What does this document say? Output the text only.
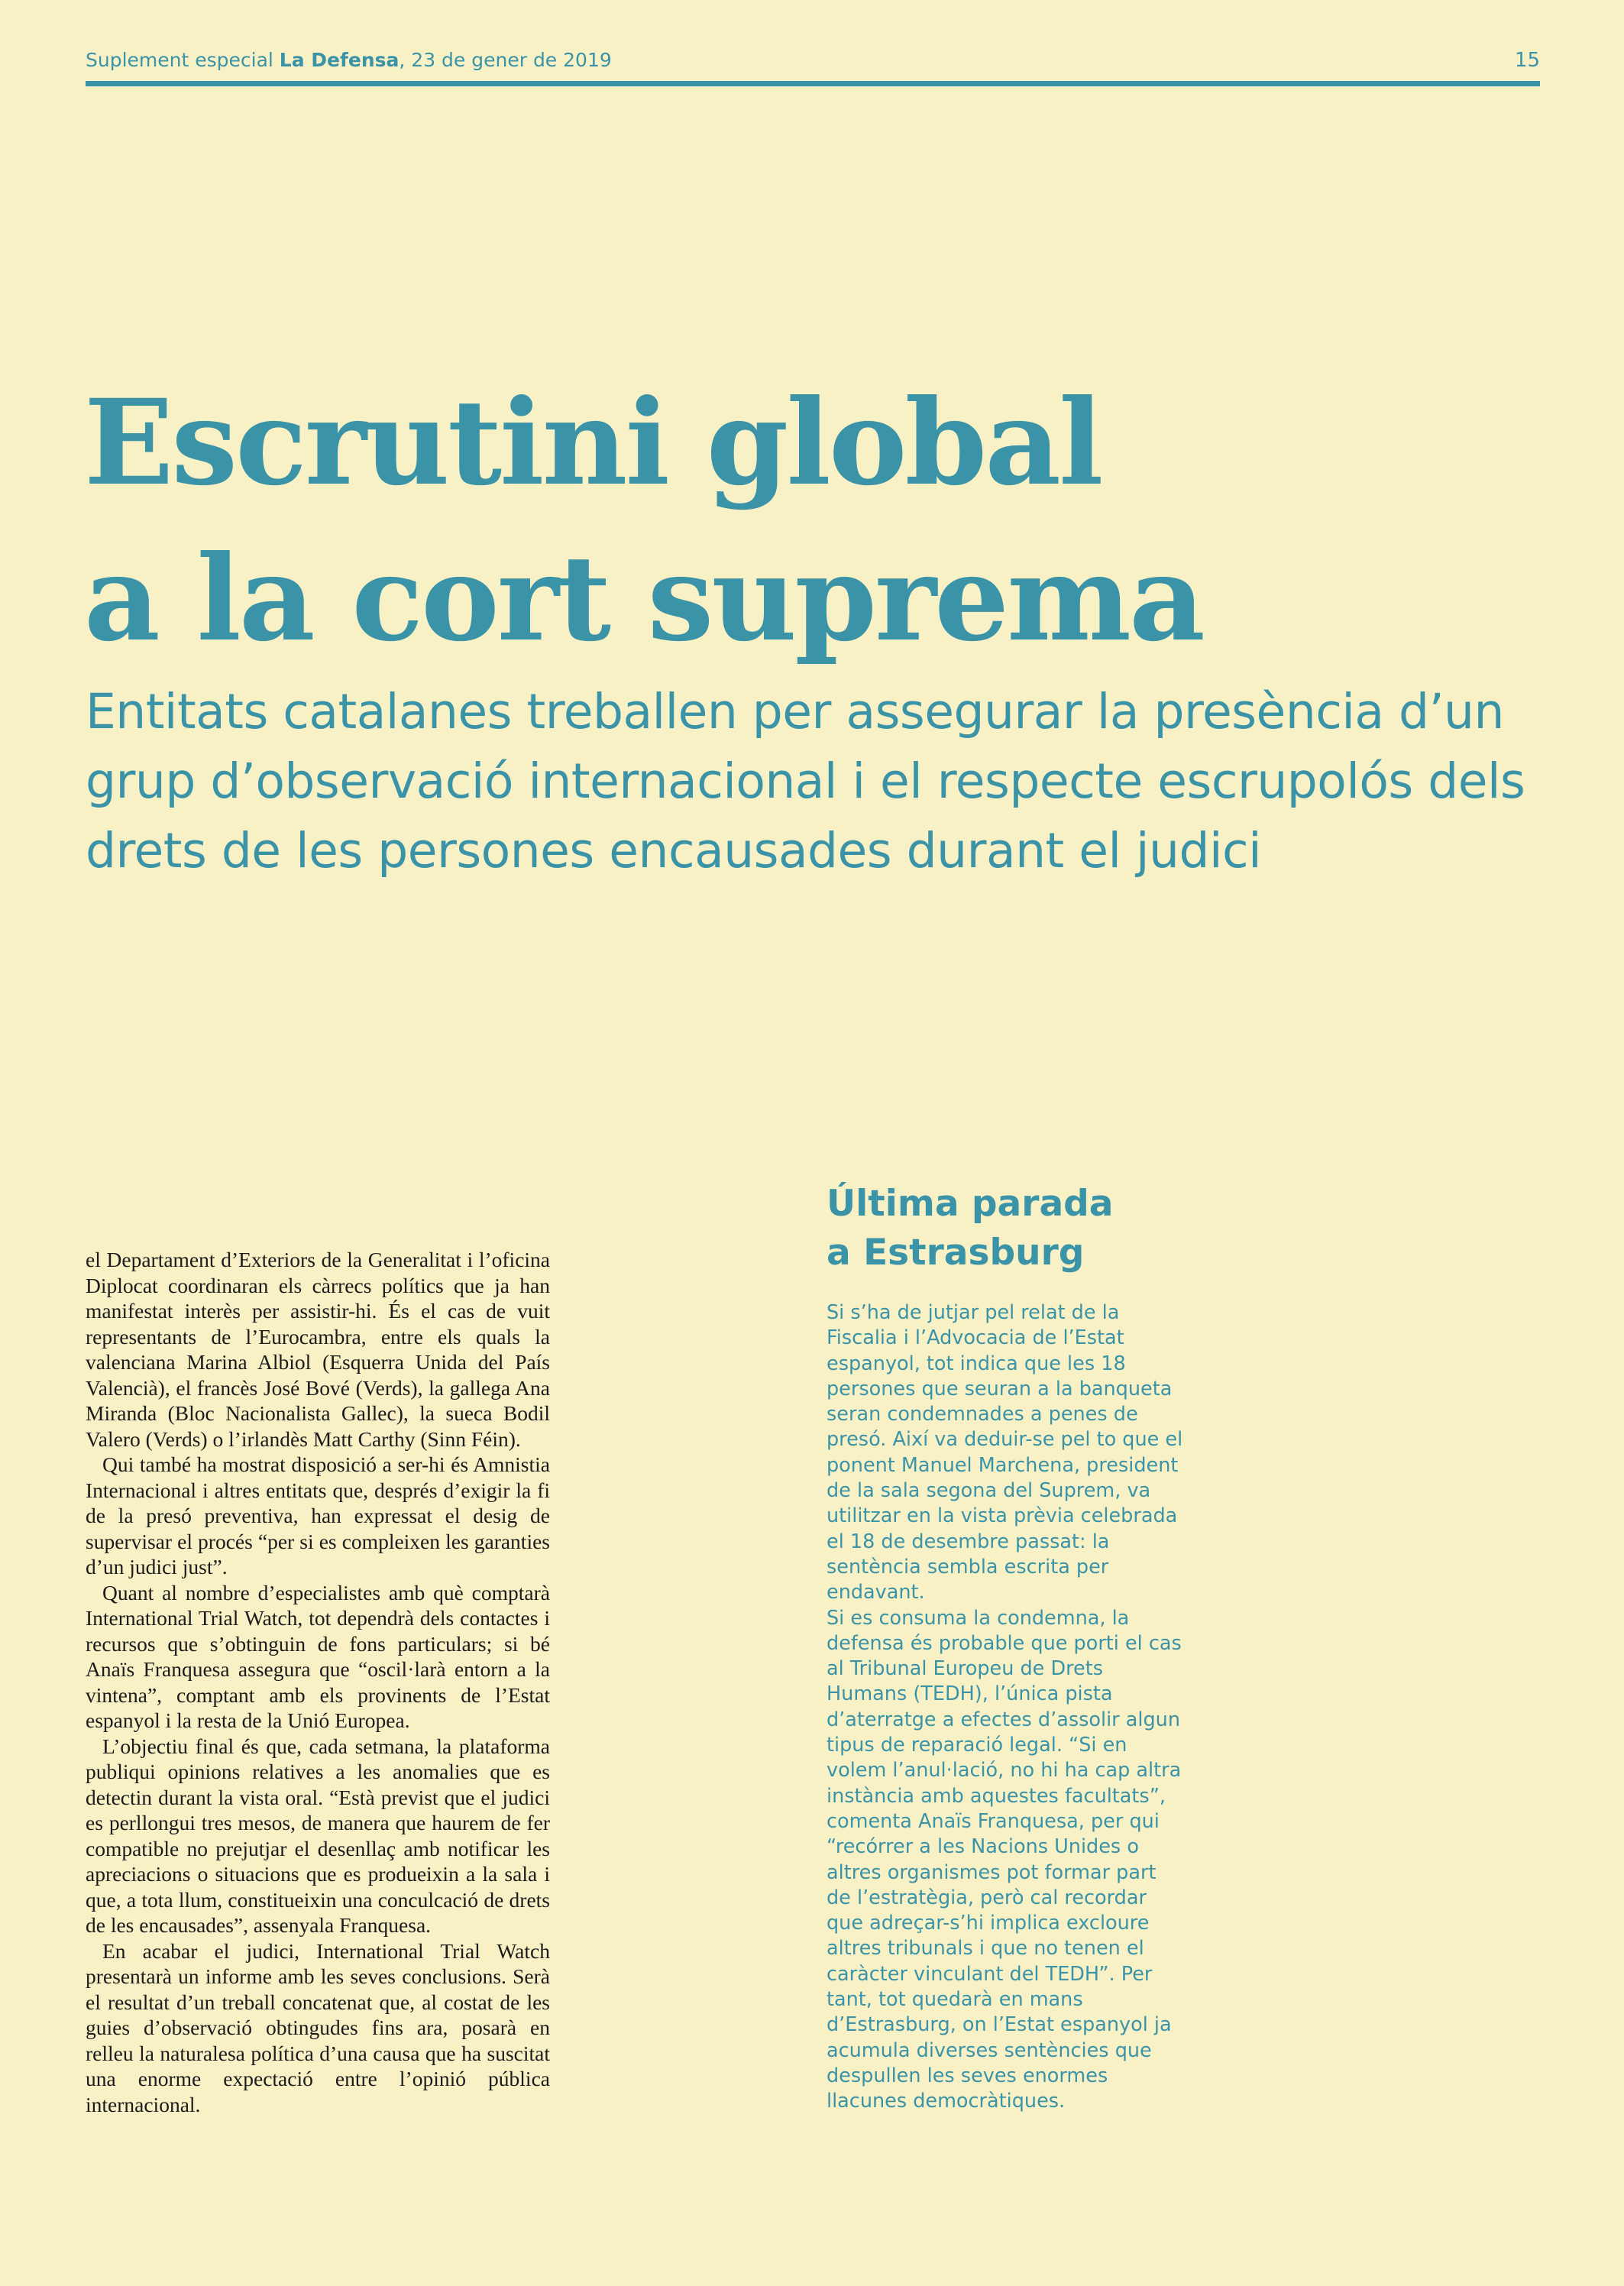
Suplement especial La Defensa, 23 de gener de 2019	15
Escrutini global
a la cort suprema
Entitats catalanes treballen per assegurar la presència d’un grup d’observació internacional i el respecte escrupolós dels drets de les persones encausades durant el judici

el Departament d’Exteriors de la Generalitat i l’oficina Diplocat coordinaran els càrrecs polítics que ja han manifestat interès per assistir-hi. És el cas de vuit representants de l’Eurocambra, entre els quals la valenciana Marina Albiol (Esquerra Unida del País Valencià), el francès José Bové (Verds), la gallega Ana Miranda (Bloc Nacionalista Gallec), la sueca Bodil Valero (Verds) o l’irlandès Matt Carthy (Sinn Féin).

Qui també ha mostrat disposició a ser-hi és Amnistia Internacional i altres entitats que, després d’exigir la fi de la presó preventiva, han expressat el desig de supervisar el procés “per si es compleixen les garanties d’un judici just”.

Quant al nombre d’especialistes amb què comptarà International Trial Watch, tot dependrà dels contactes i recursos que s’obtinguin de fons particulars; si bé Anaïs Franquesa assegura que “oscil·larà entorn a la vintena”, comptant amb els provinents de l’Estat espanyol i la resta de la Unió Europea.

L’objectiu final és que, cada setmana, la plataforma publiqui opinions relatives a les anomalies que es detectin durant la vista oral. “Està previst que el judici es perllongui tres mesos, de manera que haurem de fer compatible no prejutjar el desenllaç amb notificar les apreciacions o situacions que es produeixin a la sala i que, a tota llum, constitueixin una conculcació de drets de les encausades”, assenyala Franquesa.

En acabar el judici, International Trial Watch presentarà un informe amb les seves conclusions. Serà el resultat d’un treball concatenat que, al costat de les guies d’observació obtingudes fins ara, posarà en relleu la naturalesa política d’una causa que ha suscitat una enorme expectació entre l’opinió pública internacional.

Última parada
a Estrasburg

Si s’ha de jutjar pel relat de la Fiscalia i l’Advocacia de l’Estat espanyol, tot indica que les 18 persones que seuran a la banqueta seran condemnades a penes de presó. Així va deduir-se pel to que el ponent Manuel Marchena, president de la sala segona del Suprem, va utilitzar en la vista prèvia celebrada el 18 de desembre passat: la sentència sembla escrita per endavant.

Si es consuma la condemna, la defensa és probable que porti el cas al Tribunal Europeu de Drets Humans (TEDH), l’única pista d’aterratge a efectes d’assolir algun tipus de reparació legal. “Si en volem l’anul·lació, no hi ha cap altra instància amb aquestes facultats”, comenta Anaïs Franquesa, per qui “recórrer a les Nacions Unides o altres organismes pot formar part de l’estratègia, però cal recordar que adreçar-s’hi implica excloure altres tribunals i que no tenen el caràcter vinculant del TEDH”. Per tant, tot quedarà en mans d’Estrasburg, on l’Estat espanyol ja acumula diverses sentències que despullen les seves enormes llacunes democràtiques.
